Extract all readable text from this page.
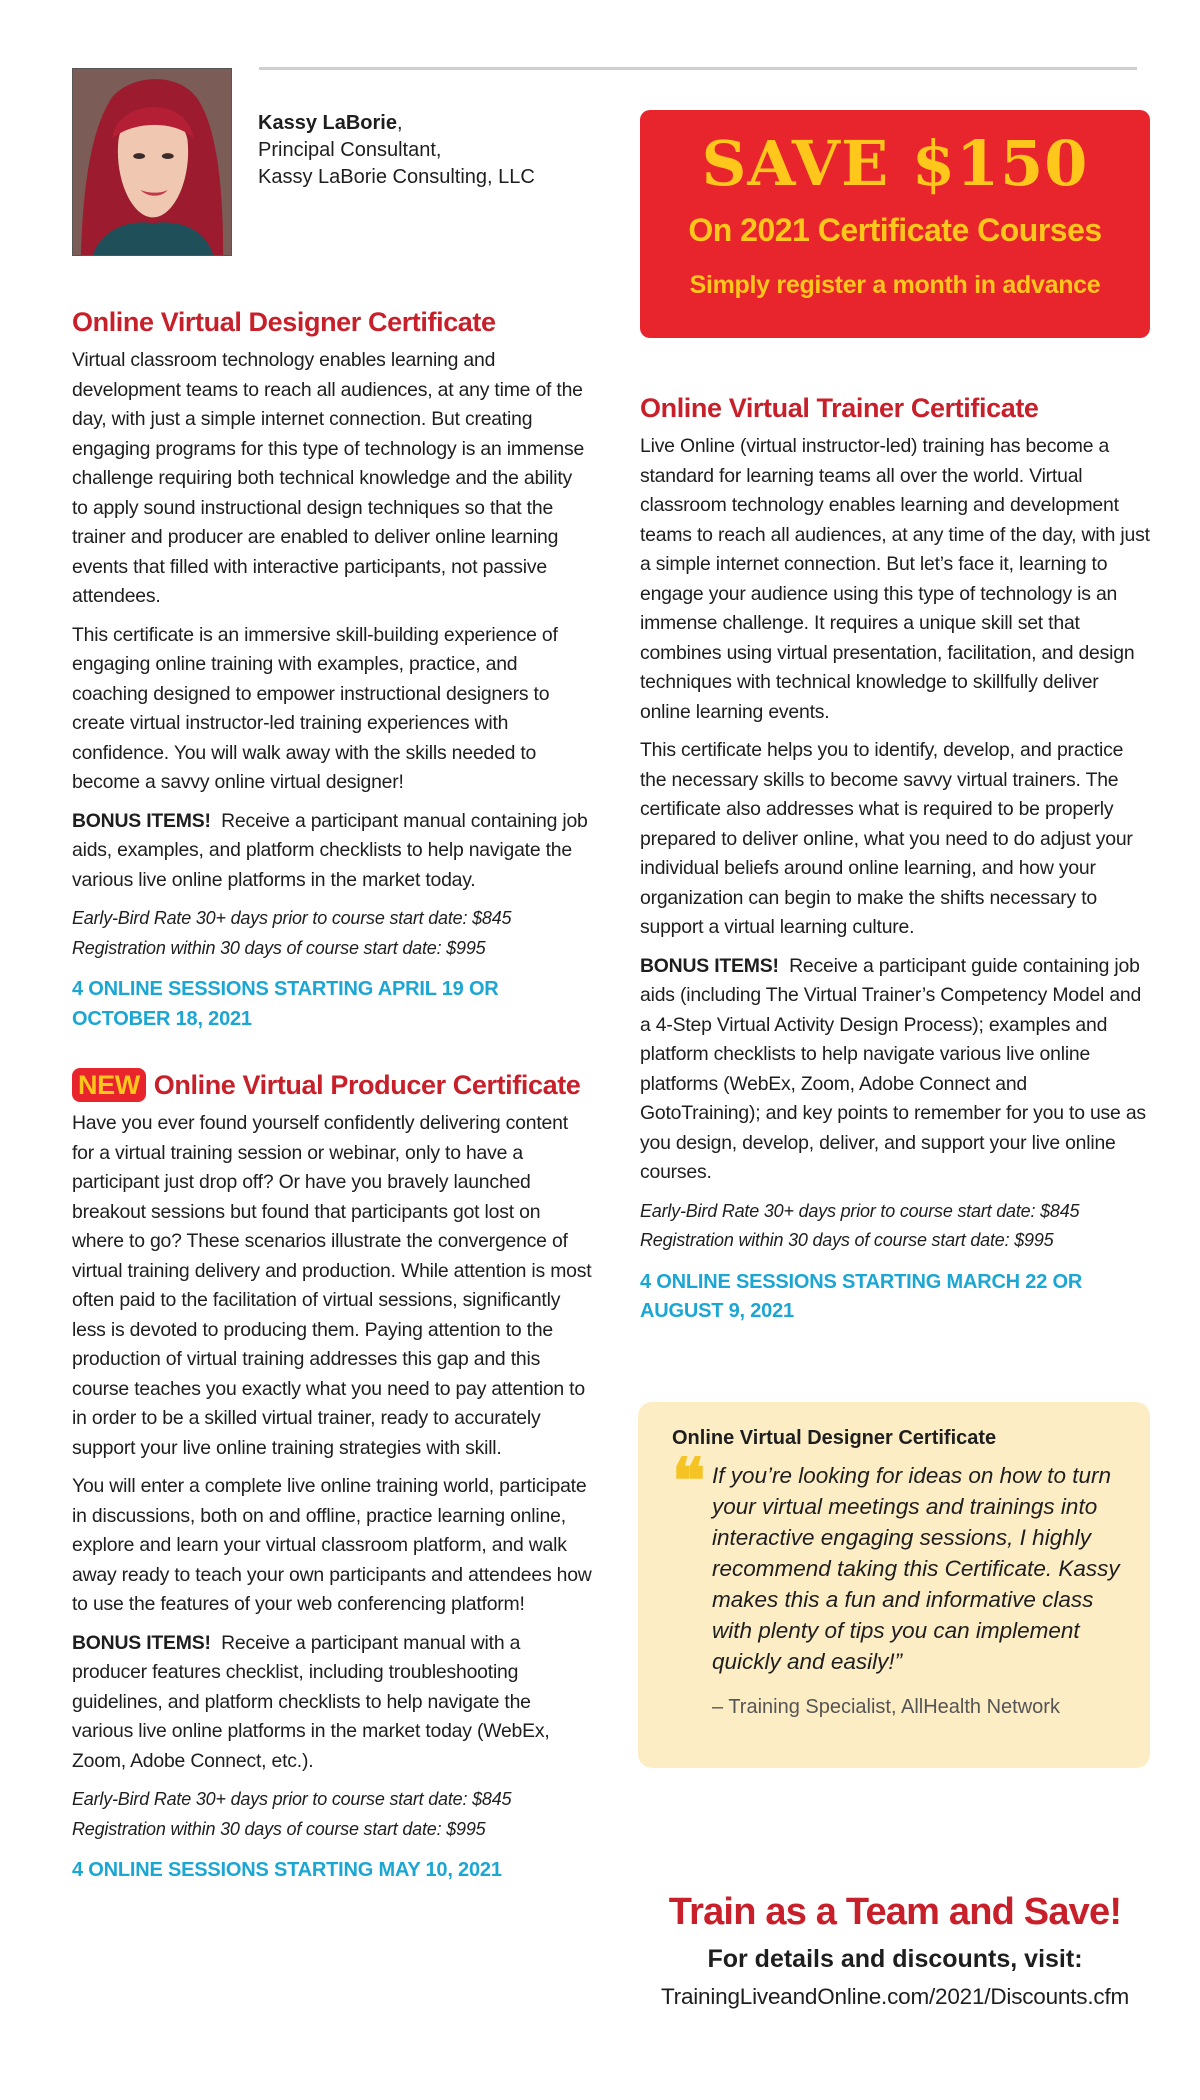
Kassy LaBorie,
Principal Consultant,
Kassy LaBorie Consulting, LLC
Online Virtual Designer Certificate

Virtual classroom technology enables learning and development teams to reach all audiences, at any time of the day, with just a simple internet connection. But creating engaging programs for this type of technology is an immense challenge requiring both technical knowledge and the ability to apply sound instructional design techniques so that the trainer and producer are enabled to deliver online learning events that filled with interactive participants, not passive attendees.

This certificate is an immersive skill-building experience of engaging online training with examples, practice, and coaching designed to empower instructional designers to create virtual instructor-led training experiences with confidence. You will walk away with the skills needed to become a savvy online virtual designer!

BONUS ITEMS! Receive a participant manual containing job aids, examples, and platform checklists to help navigate the various live online platforms in the market today.

Early-Bird Rate 30+ days prior to course start date: $845

Registration within 30 days of course start date: $995

4 ONLINE SESSIONS STARTING APRIL 19 OR OCTOBER 18, 2021

NEW Online Virtual Producer Certificate

Have you ever found yourself confidently delivering content for a virtual training session or webinar, only to have a participant just drop off? Or have you bravely launched breakout sessions but found that participants got lost on where to go? These scenarios illustrate the convergence of virtual training delivery and production. While attention is most often paid to the facilitation of virtual sessions, significantly less is devoted to producing them. Paying attention to the production of virtual training addresses this gap and this course teaches you exactly what you need to pay attention to in order to be a skilled virtual trainer, ready to accurately support your live online training strategies with skill.

You will enter a complete live online training world, participate in discussions, both on and offline, practice learning online, explore and learn your virtual classroom platform, and walk away ready to teach your own participants and attendees how to use the features of your web conferencing platform!

BONUS ITEMS! Receive a participant manual with a producer features checklist, including troubleshooting guidelines, and platform checklists to help navigate the various live online platforms in the market today (WebEx, Zoom, Adobe Connect, etc.).

Early-Bird Rate 30+ days prior to course start date: $845

Registration within 30 days of course start date: $995

4 ONLINE SESSIONS STARTING MAY 10, 2021

SAVE $150
On 2021 Certificate Courses
Simply register a month in advance
Online Virtual Trainer Certificate

Live Online (virtual instructor-led) training has become a standard for learning teams all over the world. Virtual classroom technology enables learning and development teams to reach all audiences, at any time of the day, with just a simple internet connection. But let’s face it, learning to engage your audience using this type of technology is an immense challenge. It requires a unique skill set that combines using virtual presentation, facilitation, and design techniques with technical knowledge to skillfully deliver online learning events.

This certificate helps you to identify, develop, and practice the necessary skills to become savvy virtual trainers. The certificate also addresses what is required to be properly prepared to deliver online, what you need to do adjust your individual beliefs around online learning, and how your organization can begin to make the shifts necessary to support a virtual learning culture.

BONUS ITEMS! Receive a participant guide containing job aids (including The Virtual Trainer’s Competency Model and a 4-Step Virtual Activity Design Process); examples and platform checklists to help navigate various live online platforms (WebEx, Zoom, Adobe Connect and GotoTraining); and key points to remember for you to use as you design, develop, deliver, and support your live online courses.

Early-Bird Rate 30+ days prior to course start date: $845

Registration within 30 days of course start date: $995

4 ONLINE SESSIONS STARTING MARCH 22 OR AUGUST 9, 2021

Online Virtual Designer Certificate

❝ If you’re looking for ideas on how to turn your virtual meetings and trainings into interactive engaging sessions, I highly recommend taking this Certificate. Kassy makes this a fun and informative class with plenty of tips you can implement quickly and easily!”

– Training Specialist, AllHealth Network

Train as a Team and Save!

For details and discounts, visit:

TrainingLiveandOnline.com/2021/Discounts.cfm
